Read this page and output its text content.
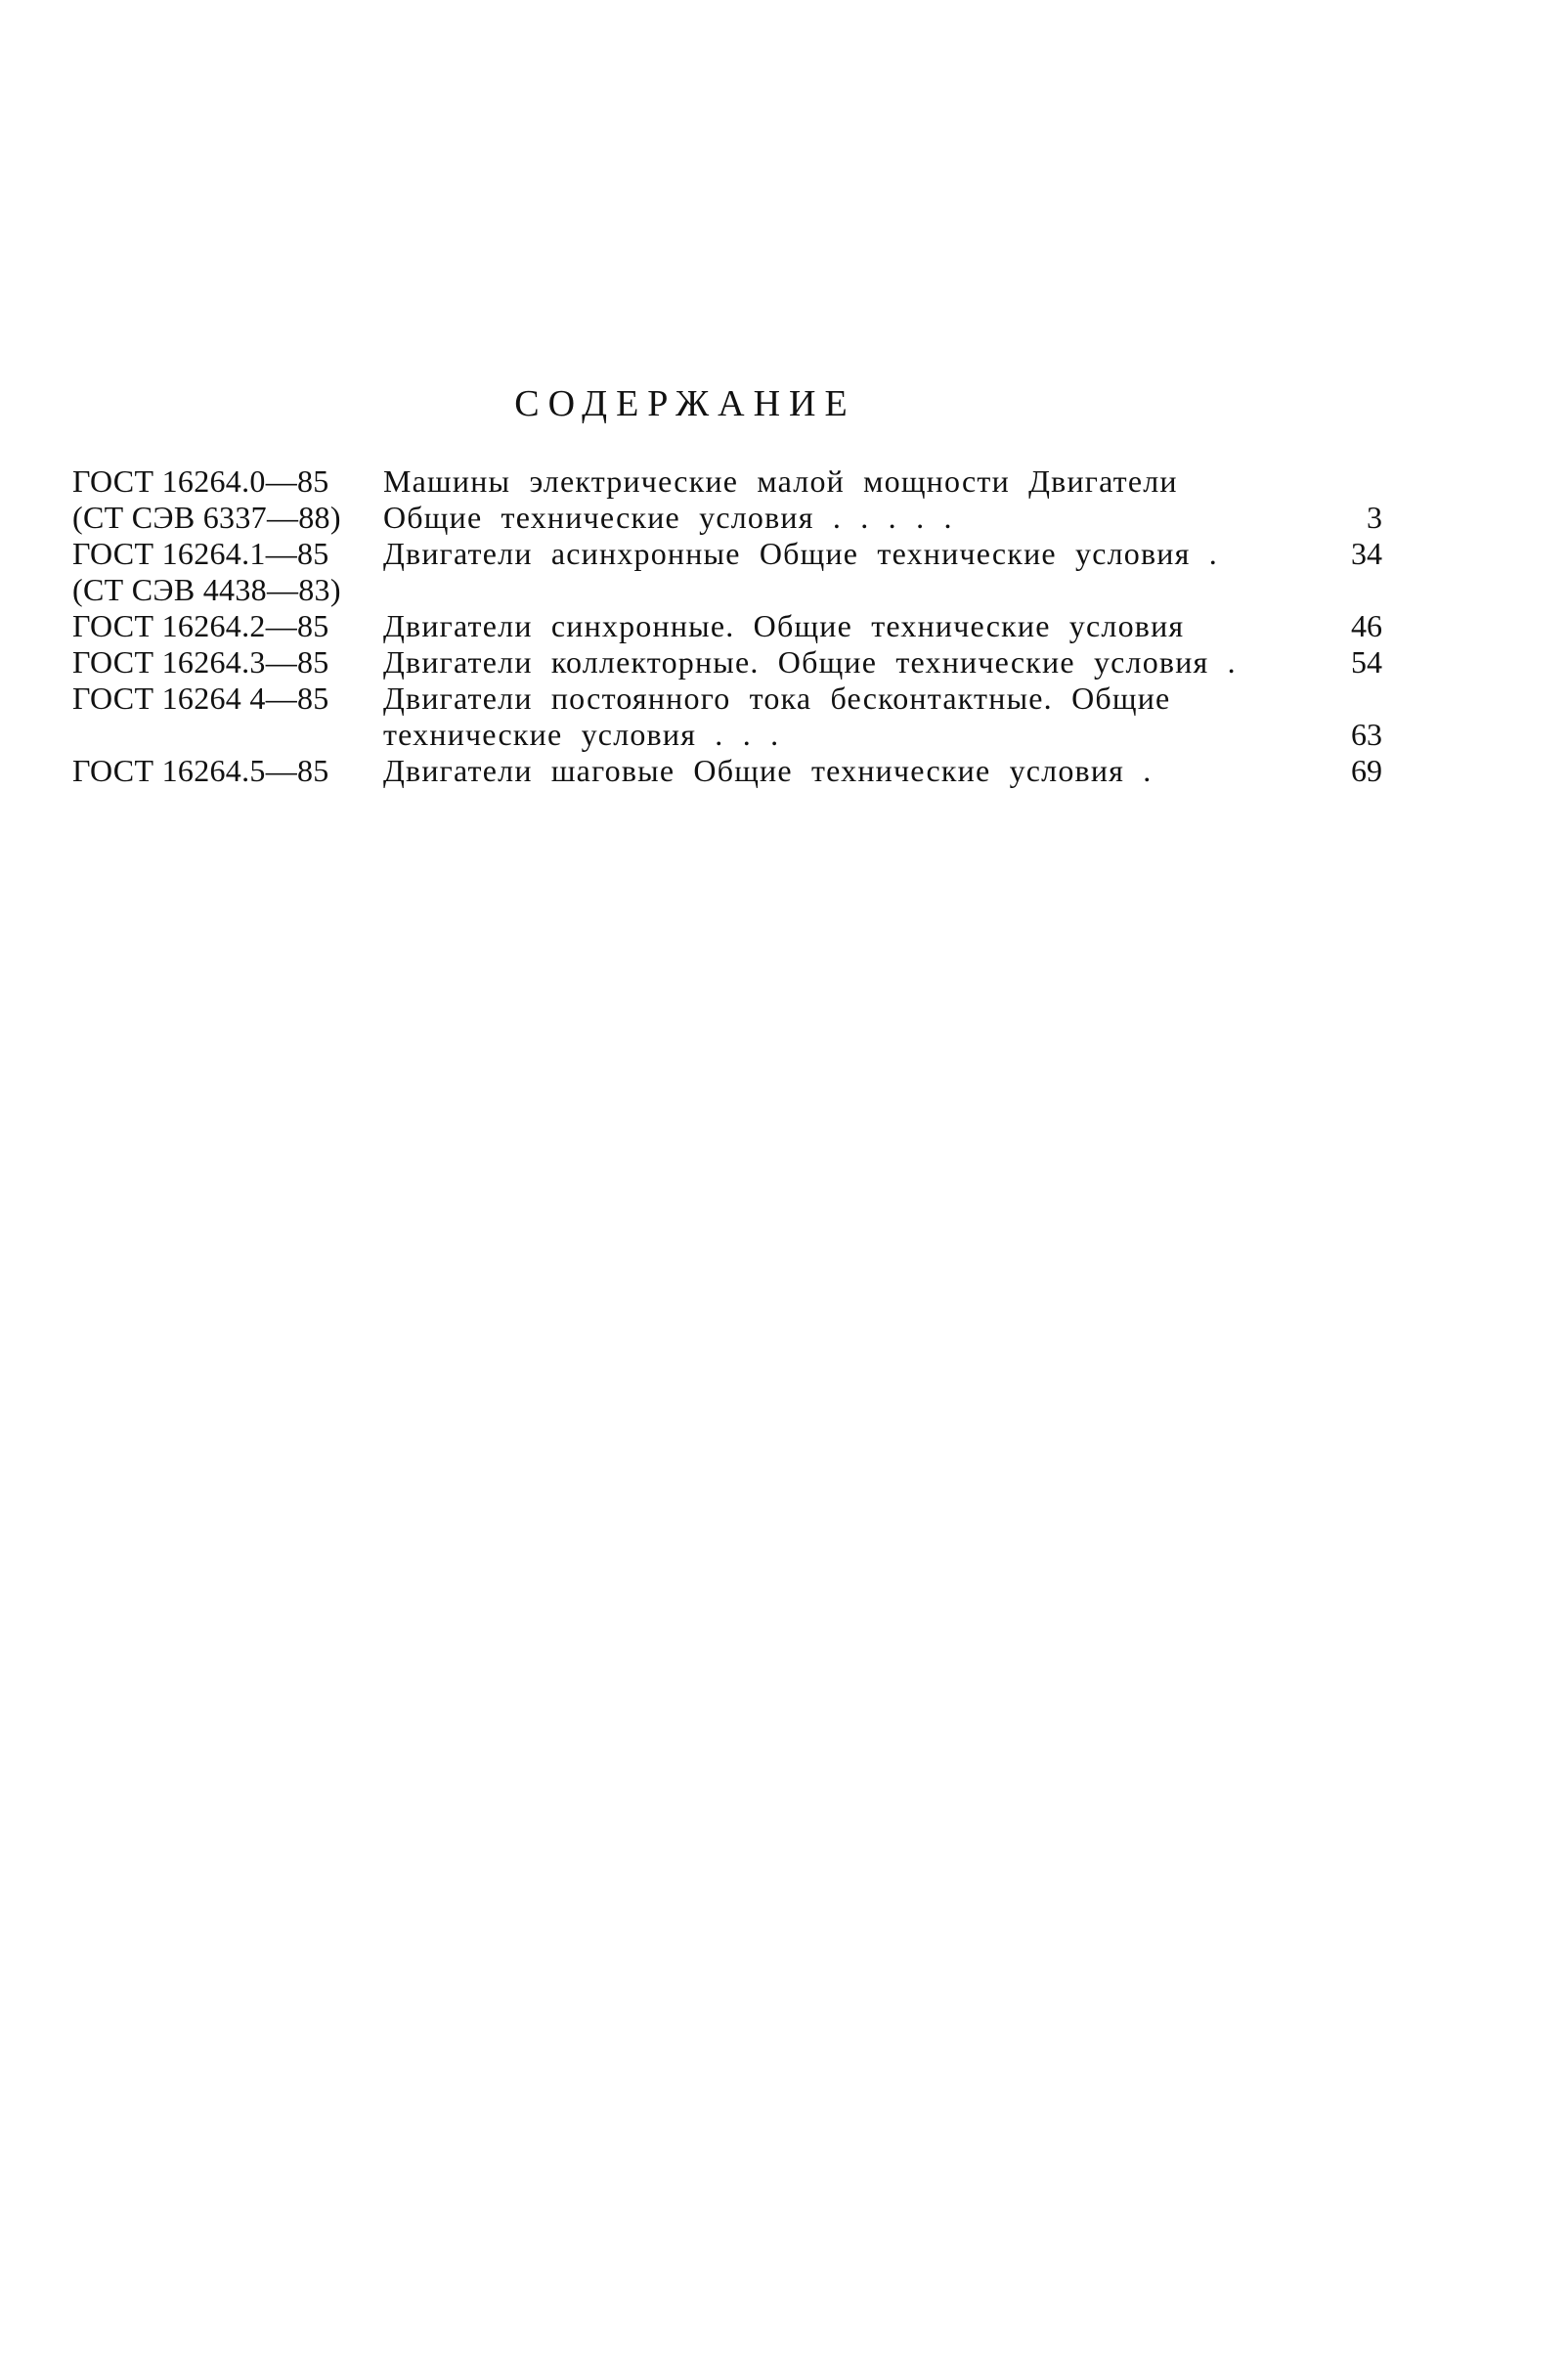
СОДЕРЖАНИЕ
ГОСТ 16264.0—85	Машины электрические малой мощности Двигатели
(СТ СЭВ 6337—88)	Общие технические условия . . . . .	3
ГОСТ 16264.1—85	Двигатели асинхронные Общие технические условия .	34
(СТ СЭВ 4438—83)
ГОСТ 16264.2—85	Двигатели синхронные. Общие технические условия	46
ГОСТ 16264.3—85	Двигатели коллекторные. Общие технические условия .	54
ГОСТ 16264 4—85	Двигатели постоянного тока бесконтактные. Общие
технические условия . . .	63
ГОСТ 16264.5—85	Двигатели шаговые Общие технические условия .	69
